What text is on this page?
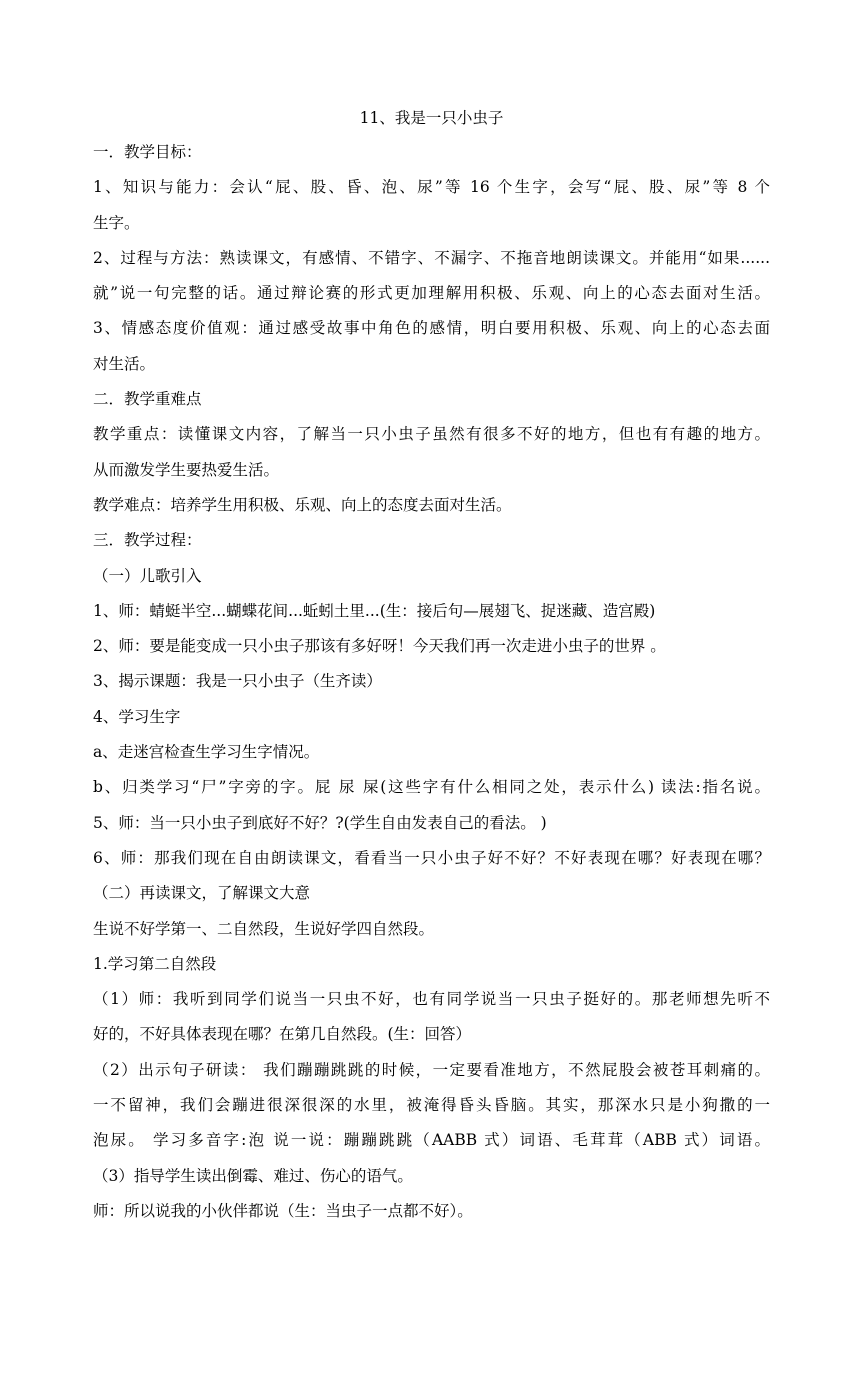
11、我是一只小虫子

一．教学目标：

1、知识与能力：会认“屁、股、昏、泡、尿”等 16 个生字，会写“屁、股、尿”等 8 个

生字。

2、过程与方法：熟读课文，有感情、不错字、不漏字、不拖音地朗读课文。并能用“如果......

就”说一句完整的话。通过辩论赛的形式更加理解用积极、乐观、向上的心态去面对生活。

3、情感态度价值观：通过感受故事中角色的感情，明白要用积极、乐观、向上的心态去面

对生活。

二．教学重难点

教学重点：读懂课文内容，了解当一只小虫子虽然有很多不好的地方，但也有有趣的地方。

从而激发学生要热爱生活。

教学难点：培养学生用积极、乐观、向上的态度去面对生活。

三．教学过程：

（一）儿歌引入

1、师：蜻蜓半空...蝴蝶花间...蚯蚓土里...(生：接后句—展翅飞、捉迷藏、造宫殿)

2、师：要是能变成一只小虫子那该有多好呀！今天我们再一次走进小虫子的世界 。

3、揭示课题：我是一只小虫子（生齐读）

4、学习生字

a、走迷宫检查生学习生字情况。

b、归类学习“尸”字旁的字。屁 尿 屎(这些字有什么相同之处，表示什么) 读法:指名说。

5、师：当一只小虫子到底好不好？?(学生自由发表自己的看法。 )

6、师：那我们现在自由朗读课文，看看当一只小虫子好不好？不好表现在哪？好表现在哪？

（二）再读课文，了解课文大意

生说不好学第一、二自然段，生说好学四自然段。

1.学习第二自然段

（1）师：我听到同学们说当一只虫不好，也有同学说当一只虫子挺好的。那老师想先听不

好的，不好具体表现在哪？在第几自然段。(生：回答）

（2）出示句子研读： 我们蹦蹦跳跳的时候，一定要看准地方，不然屁股会被苍耳刺痛的。

一不留神，我们会蹦进很深很深的水里，被淹得昏头昏脑。其实，那深水只是小狗撒的一

泡尿。 学习多音字:泡 说一说：蹦蹦跳跳（AABB 式）词语、毛茸茸（ABB 式）词语。

（3）指导学生读出倒霉、难过、伤心的语气。

师：所以说我的小伙伴都说（生：当虫子一点都不好）。
